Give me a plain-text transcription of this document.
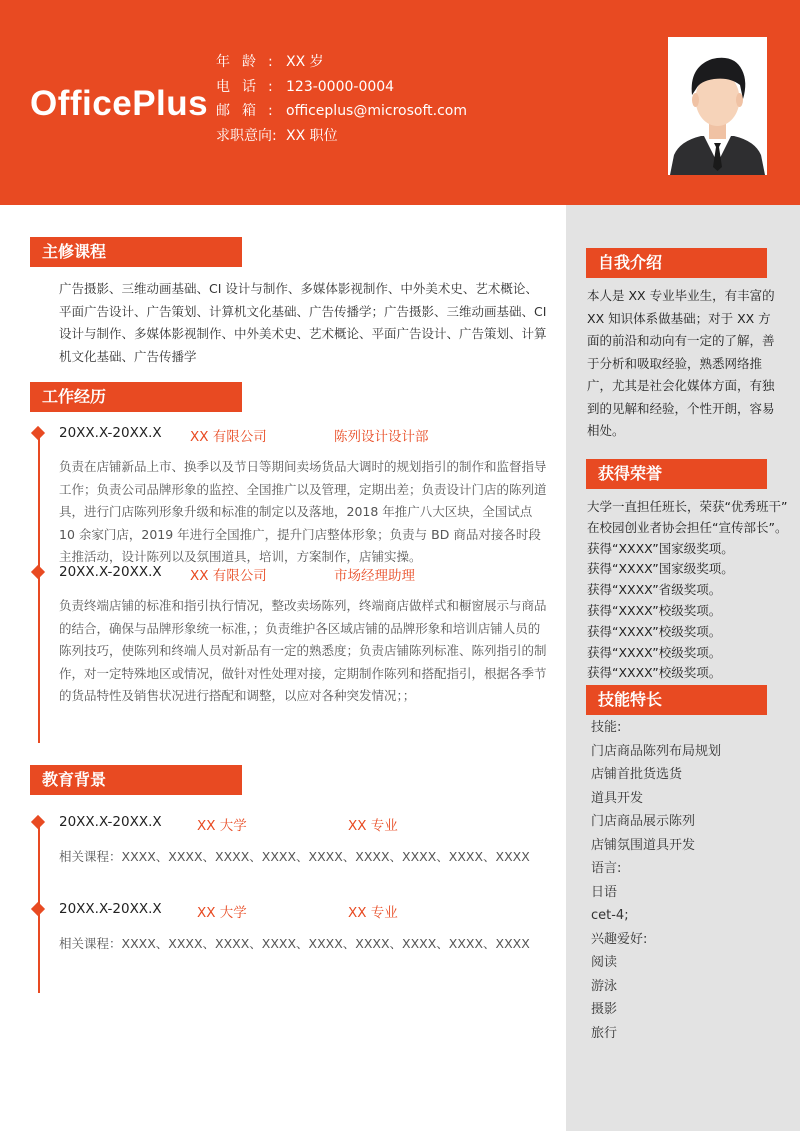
OfficePlus
年龄:XX 岁
电话:123-0000-0004
邮箱:officeplus@microsoft.com
求职意向: XX 职位
主修课程
广告摄影、三维动画基础、CI 设计与制作、多媒体影视制作、中外美术史、艺术概论、平面广告设计、广告策划、计算机文化基础、广告传播学；广告摄影、三维动画基础、CI 设计与制作、多媒体影视制作、中外美术史、艺术概论、平面广告设计、广告策划、计算机文化基础、广告传播学
工作经历
20XX.X-20XX.X XX 有限公司	陈列设计设计部
负责在店铺新品上市、换季以及节日等期间卖场货品大调时的规划指引的制作和监督指导工作；负责公司品牌形象的监控、全国推广以及管理，定期出差；负责设计门店的陈列道具，进行门店陈列形象升级和标准的制定以及落地，2018 年推广八大区块，全国试点 10 余家门店，2019 年进行全国推广，提升门店整体形象；负责与 BD 商品对接各时段主推活动，设计陈列以及氛围道具，培训，方案制作，店铺实操。
20XX.X-20XX.X XX 有限公司	市场经理助理
负责终端店铺的标准和指引执行情况，整改卖场陈列，终端商店做样式和橱窗展示与商品的结合，确保与品牌形象统一标准，；负责维护各区域店铺的品牌形象和培训店铺人员的陈列技巧，使陈列和终端人员对新品有一定的熟悉度；负责店铺陈列标准、陈列指引的制作，对一定特殊地区或情况，做针对性处理对接，定期制作陈列和搭配指引，根据各季节的货品特性及销售状况进行搭配和调整，以应对各种突发情况；；
教育背景
20XX.X-20XX.X	XX 大学	XX 专业
相关课程：XXXX、XXXX、XXXX、XXXX、XXXX、XXXX、XXXX、XXXX、XXXX
20XX.X-20XX.X	XX 大学	XX 专业
相关课程：XXXX、XXXX、XXXX、XXXX、XXXX、XXXX、XXXX、XXXX、XXXX
自我介绍
本人是 XX 专业毕业生，有丰富的 XX 知识体系做基础；对于 XX 方面的前沿和动向有一定的了解，善于分析和吸取经验，熟悉网络推广，尤其是社会化媒体方面，有独到的见解和经验，个性开朗，容易相处。
获得荣誉
大学一直担任班长，荣获“优秀班干”
在校园创业者协会担任“宣传部长”。
获得“XXXX”国家级奖项。
获得“XXXX”国家级奖项。
获得“XXXX”省级奖项。
获得“XXXX”校级奖项。
获得“XXXX”校级奖项。
获得“XXXX”校级奖项。
获得“XXXX”校级奖项。
技能特长
技能:
门店商品陈列布局规划
店铺首批货选货
道具开发
门店商品展示陈列
店铺氛围道具开发
语言:
日语
cet-4;
兴趣爱好:
阅读
游泳
摄影
旅行
